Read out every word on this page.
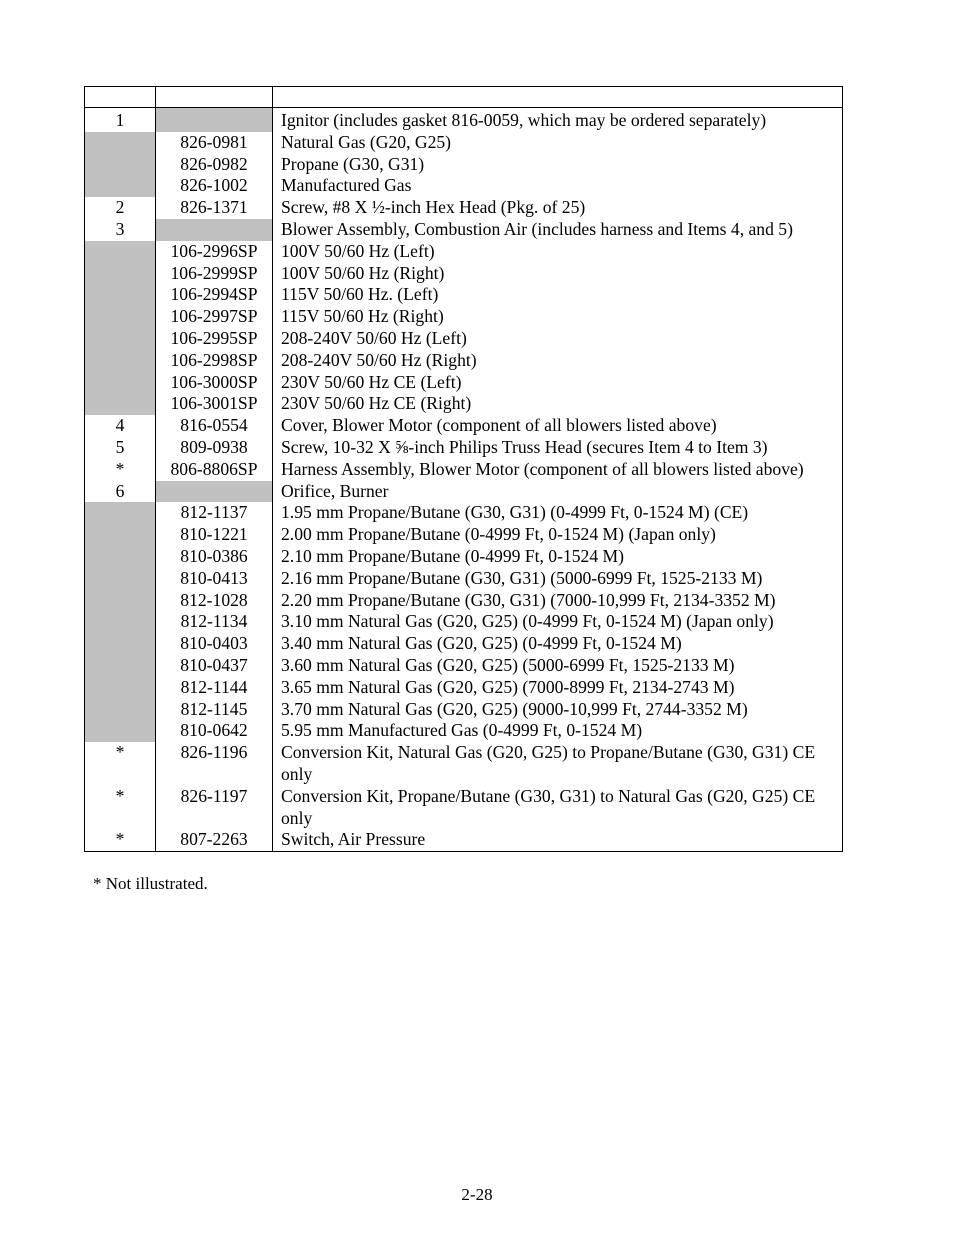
1		Ignitor (includes gasket 816-0059, which may be ordered separately)
	826-0981	Natural Gas (G20, G25)
	826-0982	Propane (G30, G31)
	826-1002	Manufactured Gas
2	826-1371	Screw, #8 X ½-inch Hex Head (Pkg. of 25)
3		Blower Assembly, Combustion Air (includes harness and Items 4, and 5)
	106-2996SP	100V 50/60 Hz (Left)
	106-2999SP	100V 50/60 Hz (Right)
	106-2994SP	115V 50/60 Hz. (Left)
	106-2997SP	115V 50/60 Hz (Right)
	106-2995SP	208-240V 50/60 Hz (Left)
	106-2998SP	208-240V 50/60 Hz (Right)
	106-3000SP	230V 50/60 Hz CE (Left)
	106-3001SP	230V 50/60 Hz CE (Right)
4	816-0554	Cover, Blower Motor (component of all blowers listed above)
5	809-0938	Screw, 10-32 X ⅝-inch Philips Truss Head (secures Item 4 to Item 3)
*	806-8806SP	Harness Assembly, Blower Motor (component of all blowers listed above)
6		Orifice, Burner
	812-1137	1.95 mm Propane/Butane (G30, G31) (0-4999 Ft, 0-1524 M) (CE)
	810-1221	2.00 mm Propane/Butane (0-4999 Ft, 0-1524 M) (Japan only)
	810-0386	2.10 mm Propane/Butane (0-4999 Ft, 0-1524 M)
	810-0413	2.16 mm Propane/Butane (G30, G31) (5000-6999 Ft, 1525-2133 M)
	812-1028	2.20 mm Propane/Butane (G30, G31) (7000-10,999 Ft, 2134-3352 M)
	812-1134	3.10 mm Natural Gas (G20, G25) (0-4999 Ft, 0-1524 M) (Japan only)
	810-0403	3.40 mm Natural Gas (G20, G25) (0-4999 Ft, 0-1524 M)
	810-0437	3.60 mm Natural Gas (G20, G25) (5000-6999 Ft, 1525-2133 M)
	812-1144	3.65 mm Natural Gas (G20, G25) (7000-8999 Ft, 2134-2743 M)
	812-1145	3.70 mm Natural Gas (G20, G25) (9000-10,999 Ft, 2744-3352 M)
	810-0642	5.95 mm Manufactured Gas (0-4999 Ft, 0-1524 M)
*	826-1196	Conversion Kit, Natural Gas (G20, G25) to Propane/Butane (G30, G31) CE only
*	826-1197	Conversion Kit, Propane/Butane (G30, G31) to Natural Gas (G20, G25) CE only
*	807-2263	Switch, Air Pressure
* Not illustrated.
2-28
